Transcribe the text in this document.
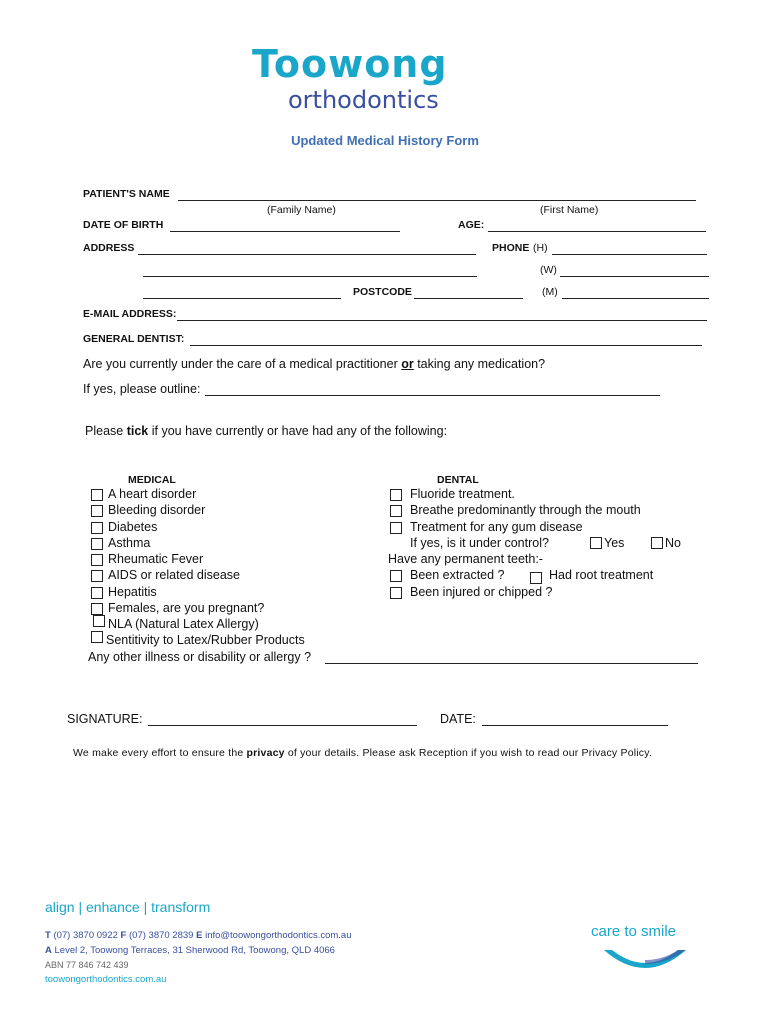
Toowong
orthodontics
Updated Medical History Form
PATIENT'S NAME
(Family Name)	(First Name)
DATE OF BIRTH	AGE:
ADDRESS	PHONE (H)
(W)
POSTCODE	(M)
E-MAIL ADDRESS:
GENERAL DENTIST:
Are you currently under the care of a medical practitioner or taking any medication?
If yes, please outline:
Please tick if you have currently or have had any of the following:
MEDICAL
A heart disorder
Bleeding disorder
Diabetes
Asthma
Rheumatic Fever
AIDS or related disease
Hepatitis
Females, are you pregnant?
NLA (Natural Latex Allergy)
Sentitivity to Latex/Rubber Products
DENTAL
Fluoride treatment.
Breathe predominantly through the mouth
Treatment for any gum disease
If yes, is it under control?	Yes	No
Have any permanent teeth:-
Been extracted ?	Had root treatment
Been injured or chipped ?
Any other illness or disability or allergy ?
SIGNATURE:	DATE:
We make every effort to ensure the privacy of your details. Please ask Reception if you wish to read our Privacy Policy.
align | enhance | transform
T (07) 3870 0922 F (07) 3870 2839 E info@toowongorthodontics.com.au
A Level 2, Toowong Terraces, 31 Sherwood Rd, Toowong, QLD 4066
ABN 77 846 742 439
toowongorthodontics.com.au
care to smile
